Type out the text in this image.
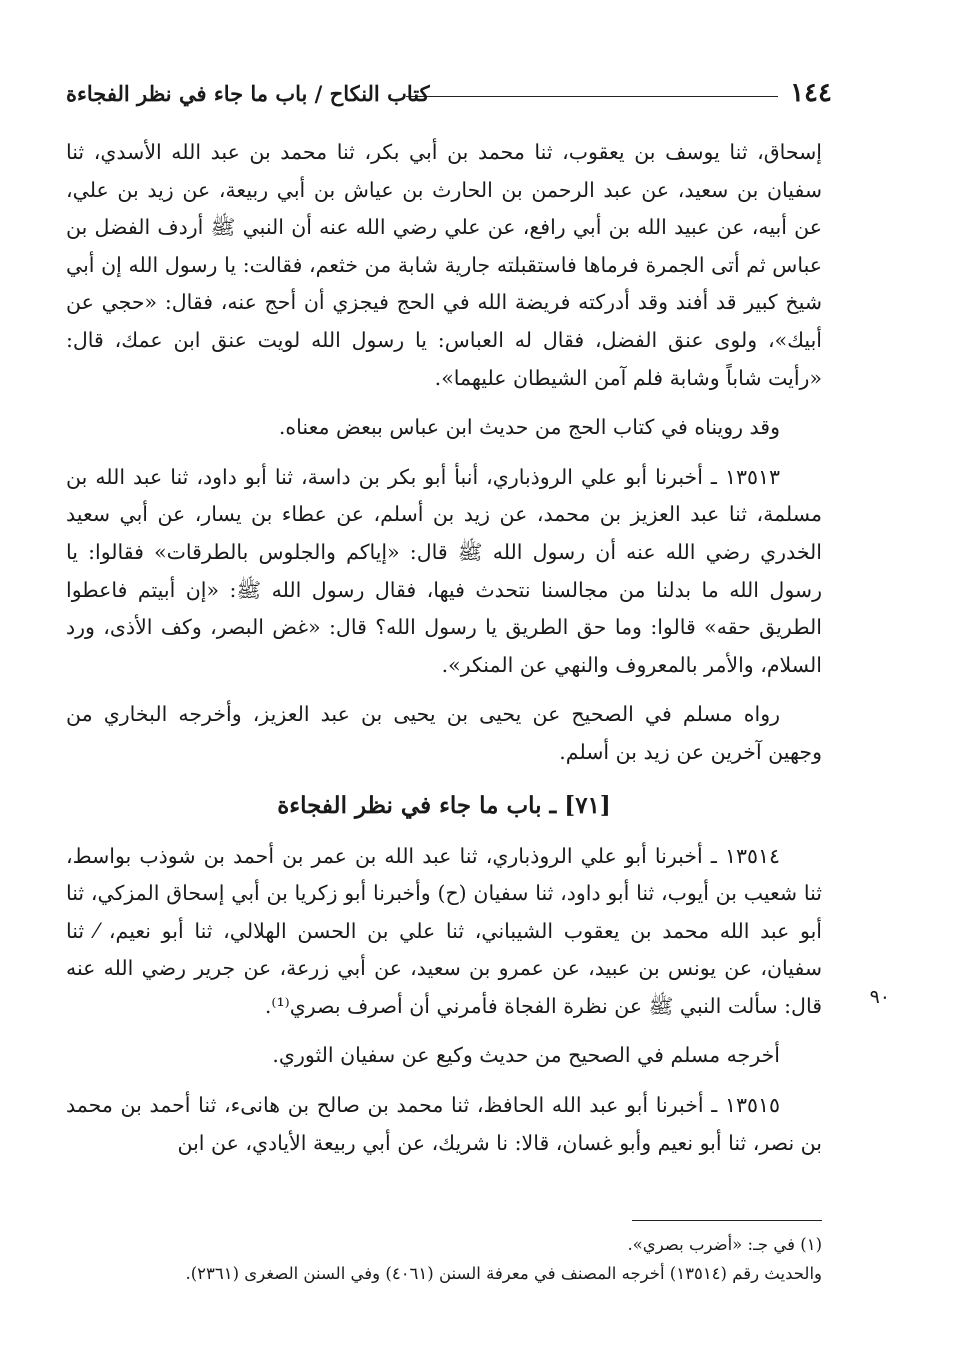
١٤٤
كتاب النكاح / باب ما جاء في نظر الفجاءة

إسحاق، ثنا يوسف بن يعقوب، ثنا محمد بن أبي بكر، ثنا محمد بن عبد الله الأسدي، ثنا سفيان بن سعيد، عن عبد الرحمن بن الحارث بن عياش بن أبي ربيعة، عن زيد بن علي، عن أبيه، عن عبيد الله بن أبي رافع، عن علي رضي الله عنه أن النبي ﷺ أردف الفضل بن عباس ثم أتى الجمرة فرماها فاستقبلته جارية شابة من خثعم، فقالت: يا رسول الله إن أبي شيخ كبير قد أفند وقد أدركته فريضة الله في الحج فيجزي أن أحج عنه، فقال: «حجي عن أبيك»، ولوى عنق الفضل، فقال له العباس: يا رسول الله لويت عنق ابن عمك، قال: «رأيت شاباً وشابة فلم آمن الشيطان عليهما».

وقد رويناه في كتاب الحج من حديث ابن عباس ببعض معناه.

١٣٥١٣ ـ أخبرنا أبو علي الروذباري، أنبأ أبو بكر بن داسة، ثنا أبو داود، ثنا عبد الله بن مسلمة، ثنا عبد العزيز بن محمد، عن زيد بن أسلم، عن عطاء بن يسار، عن أبي سعيد الخدري رضي الله عنه أن رسول الله ﷺ قال: «إياكم والجلوس بالطرقات» فقالوا: يا رسول الله ما بدلنا من مجالسنا نتحدث فيها، فقال رسول الله ﷺ: «إن أبيتم فاعطوا الطريق حقه» قالوا: وما حق الطريق يا رسول الله؟ قال: «غض البصر، وكف الأذى، ورد السلام، والأمر بالمعروف والنهي عن المنكر».

رواه مسلم في الصحيح عن يحيى بن يحيى بن عبد العزيز، وأخرجه البخاري من وجهين آخرين عن زيد بن أسلم.

[٧١] ـ باب ما جاء في نظر الفجاءة

١٣٥١٤ ـ أخبرنا أبو علي الروذباري، ثنا عبد الله بن عمر بن أحمد بن شوذب بواسط، ثنا شعيب بن أيوب، ثنا أبو داود، ثنا سفيان (ح) وأخبرنا أبو زكريا بن أبي إسحاق المزكي، ثنا أبو عبد الله محمد بن يعقوب الشيباني، ثنا علي بن الحسن الهلالي، ثنا أبو نعيم، ⁄ ثنا سفيان، عن يونس بن عبيد، عن عمرو بن سعيد، عن أبي زرعة، عن جرير رضي الله عنه قال: سألت النبي ﷺ عن نظرة الفجاة فأمرني أن أصرف بصري⁽¹⁾.

أخرجه مسلم في الصحيح من حديث وكيع عن سفيان الثوري.

١٣٥١٥ ـ أخبرنا أبو عبد الله الحافظ، ثنا محمد بن صالح بن هانىء، ثنا أحمد بن محمد بن نصر، ثنا أبو نعيم وأبو غسان، قالا: نا شريك، عن أبي ربيعة الأيادي، عن ابن

٩٠

(١) في جـ: «أضرب بصري».

والحديث رقم (١٣٥١٤) أخرجه المصنف في معرفة السنن (٤٠٦١) وفي السنن الصغرى (٢٣٦١).
